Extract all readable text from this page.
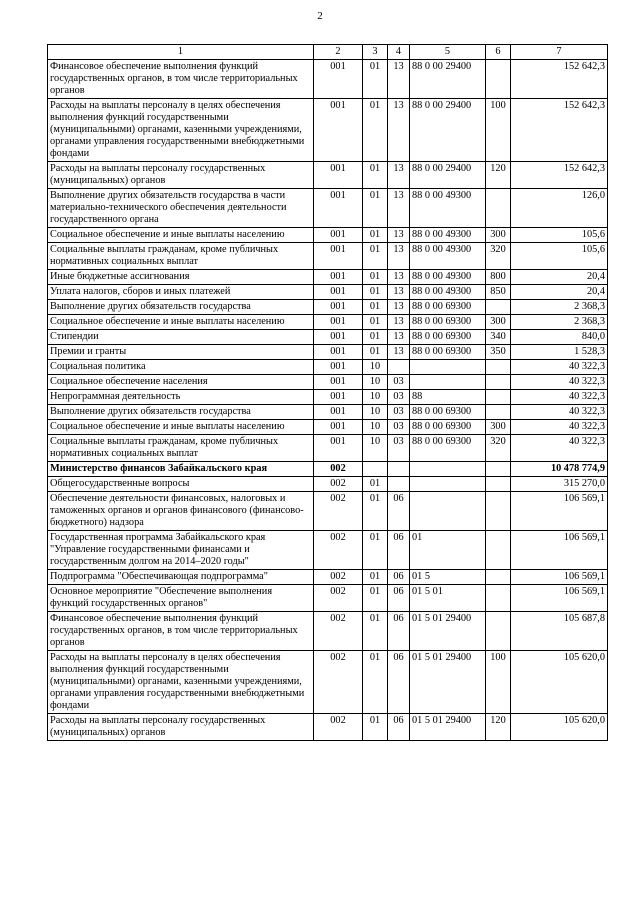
2
1	2	3	4	5	6	7
Финансовое обеспечение выполнения функций государственных органов, в том числе территориальных органов	001	01	13	88 0 00 29400		152 642,3
Расходы на выплаты персоналу в целях обеспечения выполнения функций государственными (муниципальными) органами, казенными учреждениями, органами управления государственными внебюджетными фондами	001	01	13	88 0 00 29400	100	152 642,3
Расходы на выплаты персоналу государственных (муниципальных) органов	001	01	13	88 0 00 29400	120	152 642,3
Выполнение других обязательств государства в части материально-технического обеспечения деятельности государственного органа	001	01	13	88 0 00 49300		126,0
Социальное обеспечение и иные выплаты населению	001	01	13	88 0 00 49300	300	105,6
Социальные выплаты гражданам, кроме публичных нормативных социальных выплат	001	01	13	88 0 00 49300	320	105,6
Иные бюджетные ассигнования	001	01	13	88 0 00 49300	800	20,4
Уплата налогов, сборов и иных платежей	001	01	13	88 0 00 49300	850	20,4
Выполнение других обязательств государства	001	01	13	88 0 00 69300		2 368,3
Социальное обеспечение и иные выплаты населению	001	01	13	88 0 00 69300	300	2 368,3
Стипендии	001	01	13	88 0 00 69300	340	840,0
Премии и гранты	001	01	13	88 0 00 69300	350	1 528,3
Социальная политика	001	10				40 322,3
Социальное обеспечение населения	001	10	03			40 322,3
Непрограммная деятельность	001	10	03	88		40 322,3
Выполнение других обязательств государства	001	10	03	88 0 00 69300		40 322,3
Социальное обеспечение и иные выплаты населению	001	10	03	88 0 00 69300	300	40 322,3
Социальные выплаты гражданам, кроме публичных нормативных социальных выплат	001	10	03	88 0 00 69300	320	40 322,3
Министерство финансов Забайкальского края	002					10 478 774,9
Общегосударственные вопросы	002	01				315 270,0
Обеспечение деятельности финансовых, налоговых и таможенных органов и органов финансового (финансово-бюджетного) надзора	002	01	06			106 569,1
Государственная программа Забайкальского края "Управление государственными финансами и государственным долгом на 2014–2020 годы"	002	01	06	01		106 569,1
Подпрограмма "Обеспечивающая подпрограмма"	002	01	06	01 5		106 569,1
Основное мероприятие "Обеспечение выполнения функций государственных органов"	002	01	06	01 5 01		106 569,1
Финансовое обеспечение выполнения функций государственных органов, в том числе территориальных органов	002	01	06	01 5 01 29400		105 687,8
Расходы на выплаты персоналу в целях обеспечения выполнения функций государственными (муниципальными) органами, казенными учреждениями, органами управления государственными внебюджетными фондами	002	01	06	01 5 01 29400	100	105 620,0
Расходы на выплаты персоналу государственных (муниципальных) органов	002	01	06	01 5 01 29400	120	105 620,0
